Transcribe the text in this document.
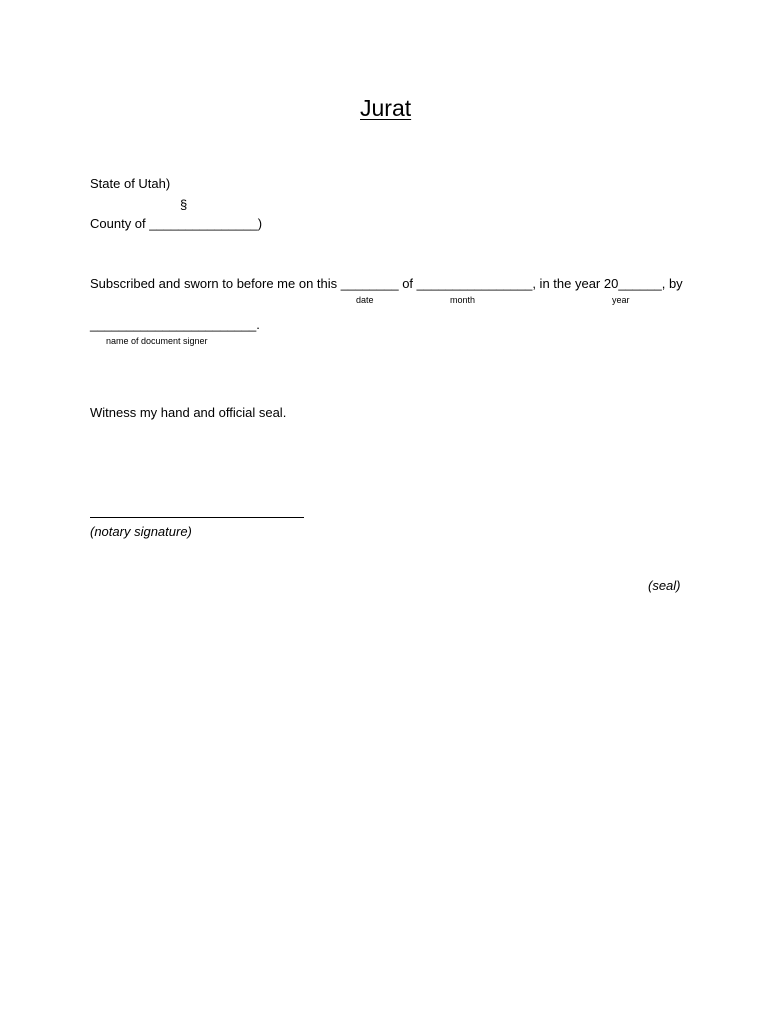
Jurat
State of Utah)
§
County of _______________)
Subscribed and sworn to before me on this ________ of ________________, in the year 20______, by
date	month	year
_______________________.
name of document signer
Witness my hand and official seal.
(notary signature)
(seal)
